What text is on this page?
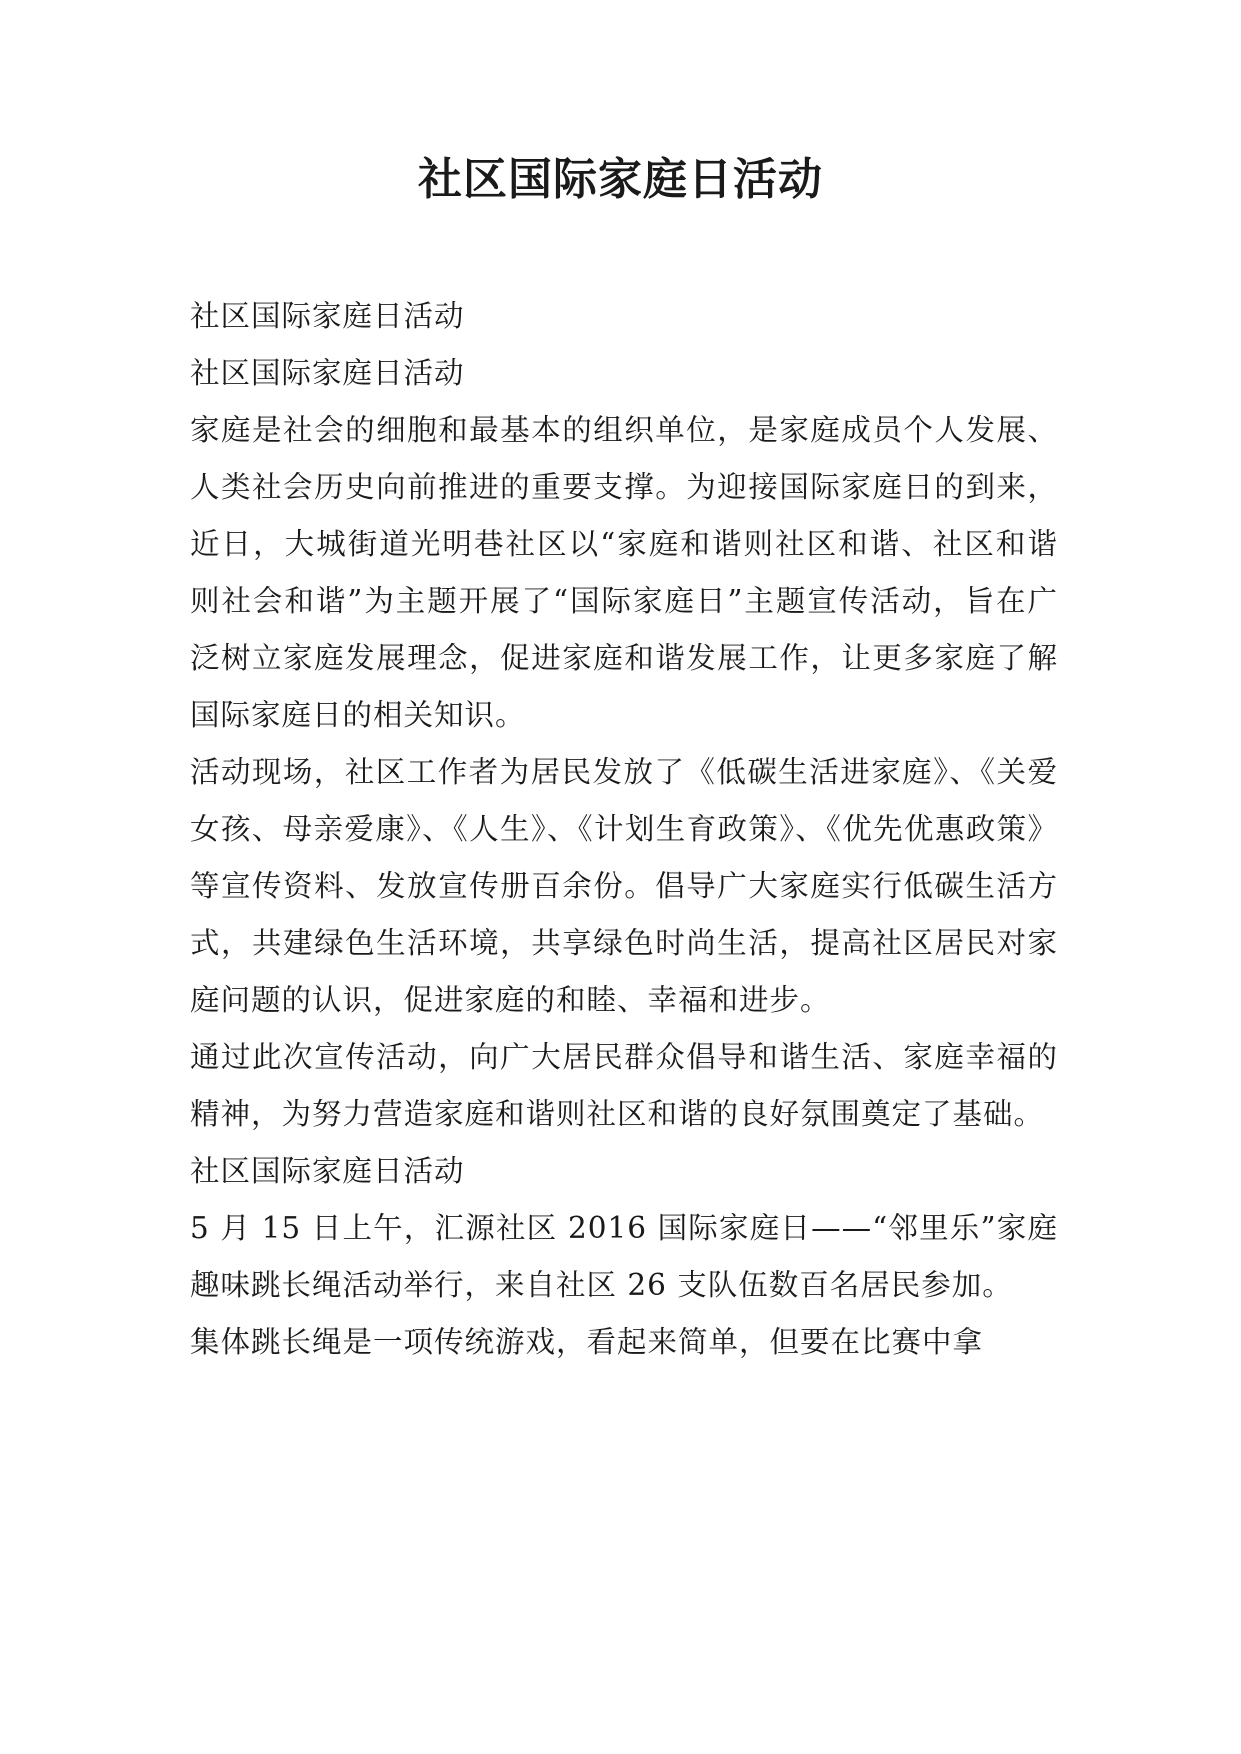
社区国际家庭日活动

社区国际家庭日活动

社区国际家庭日活动

家庭是社会的细胞和最基本的组织单位，是家庭成员个人发展、人类社会历史向前推进的重要支撑。为迎接国际家庭日的到来，近日，大城街道光明巷社区以“家庭和谐则社区和谐、社区和谐则社会和谐”为主题开展了“国际家庭日”主题宣传活动，旨在广泛树立家庭发展理念，促进家庭和谐发展工作，让更多家庭了解国际家庭日的相关知识。

活动现场，社区工作者为居民发放了《低碳生活进家庭》、《关爱女孩、母亲爱康》、《人生》、《计划生育政策》、《优先优惠政策》等宣传资料、发放宣传册百余份。倡导广大家庭实行低碳生活方式，共建绿色生活环境，共享绿色时尚生活，提高社区居民对家庭问题的认识，促进家庭的和睦、幸福和进步。

通过此次宣传活动，向广大居民群众倡导和谐生活、家庭幸福的精神，为努力营造家庭和谐则社区和谐的良好氛围奠定了基础。

社区国际家庭日活动

5 月 15 日上午，汇源社区 2016 国际家庭日——“邻里乐”家庭趣味跳长绳活动举行，来自社区 26 支队伍数百名居民参加。

集体跳长绳是一项传统游戏，看起来简单，但要在比赛中拿
